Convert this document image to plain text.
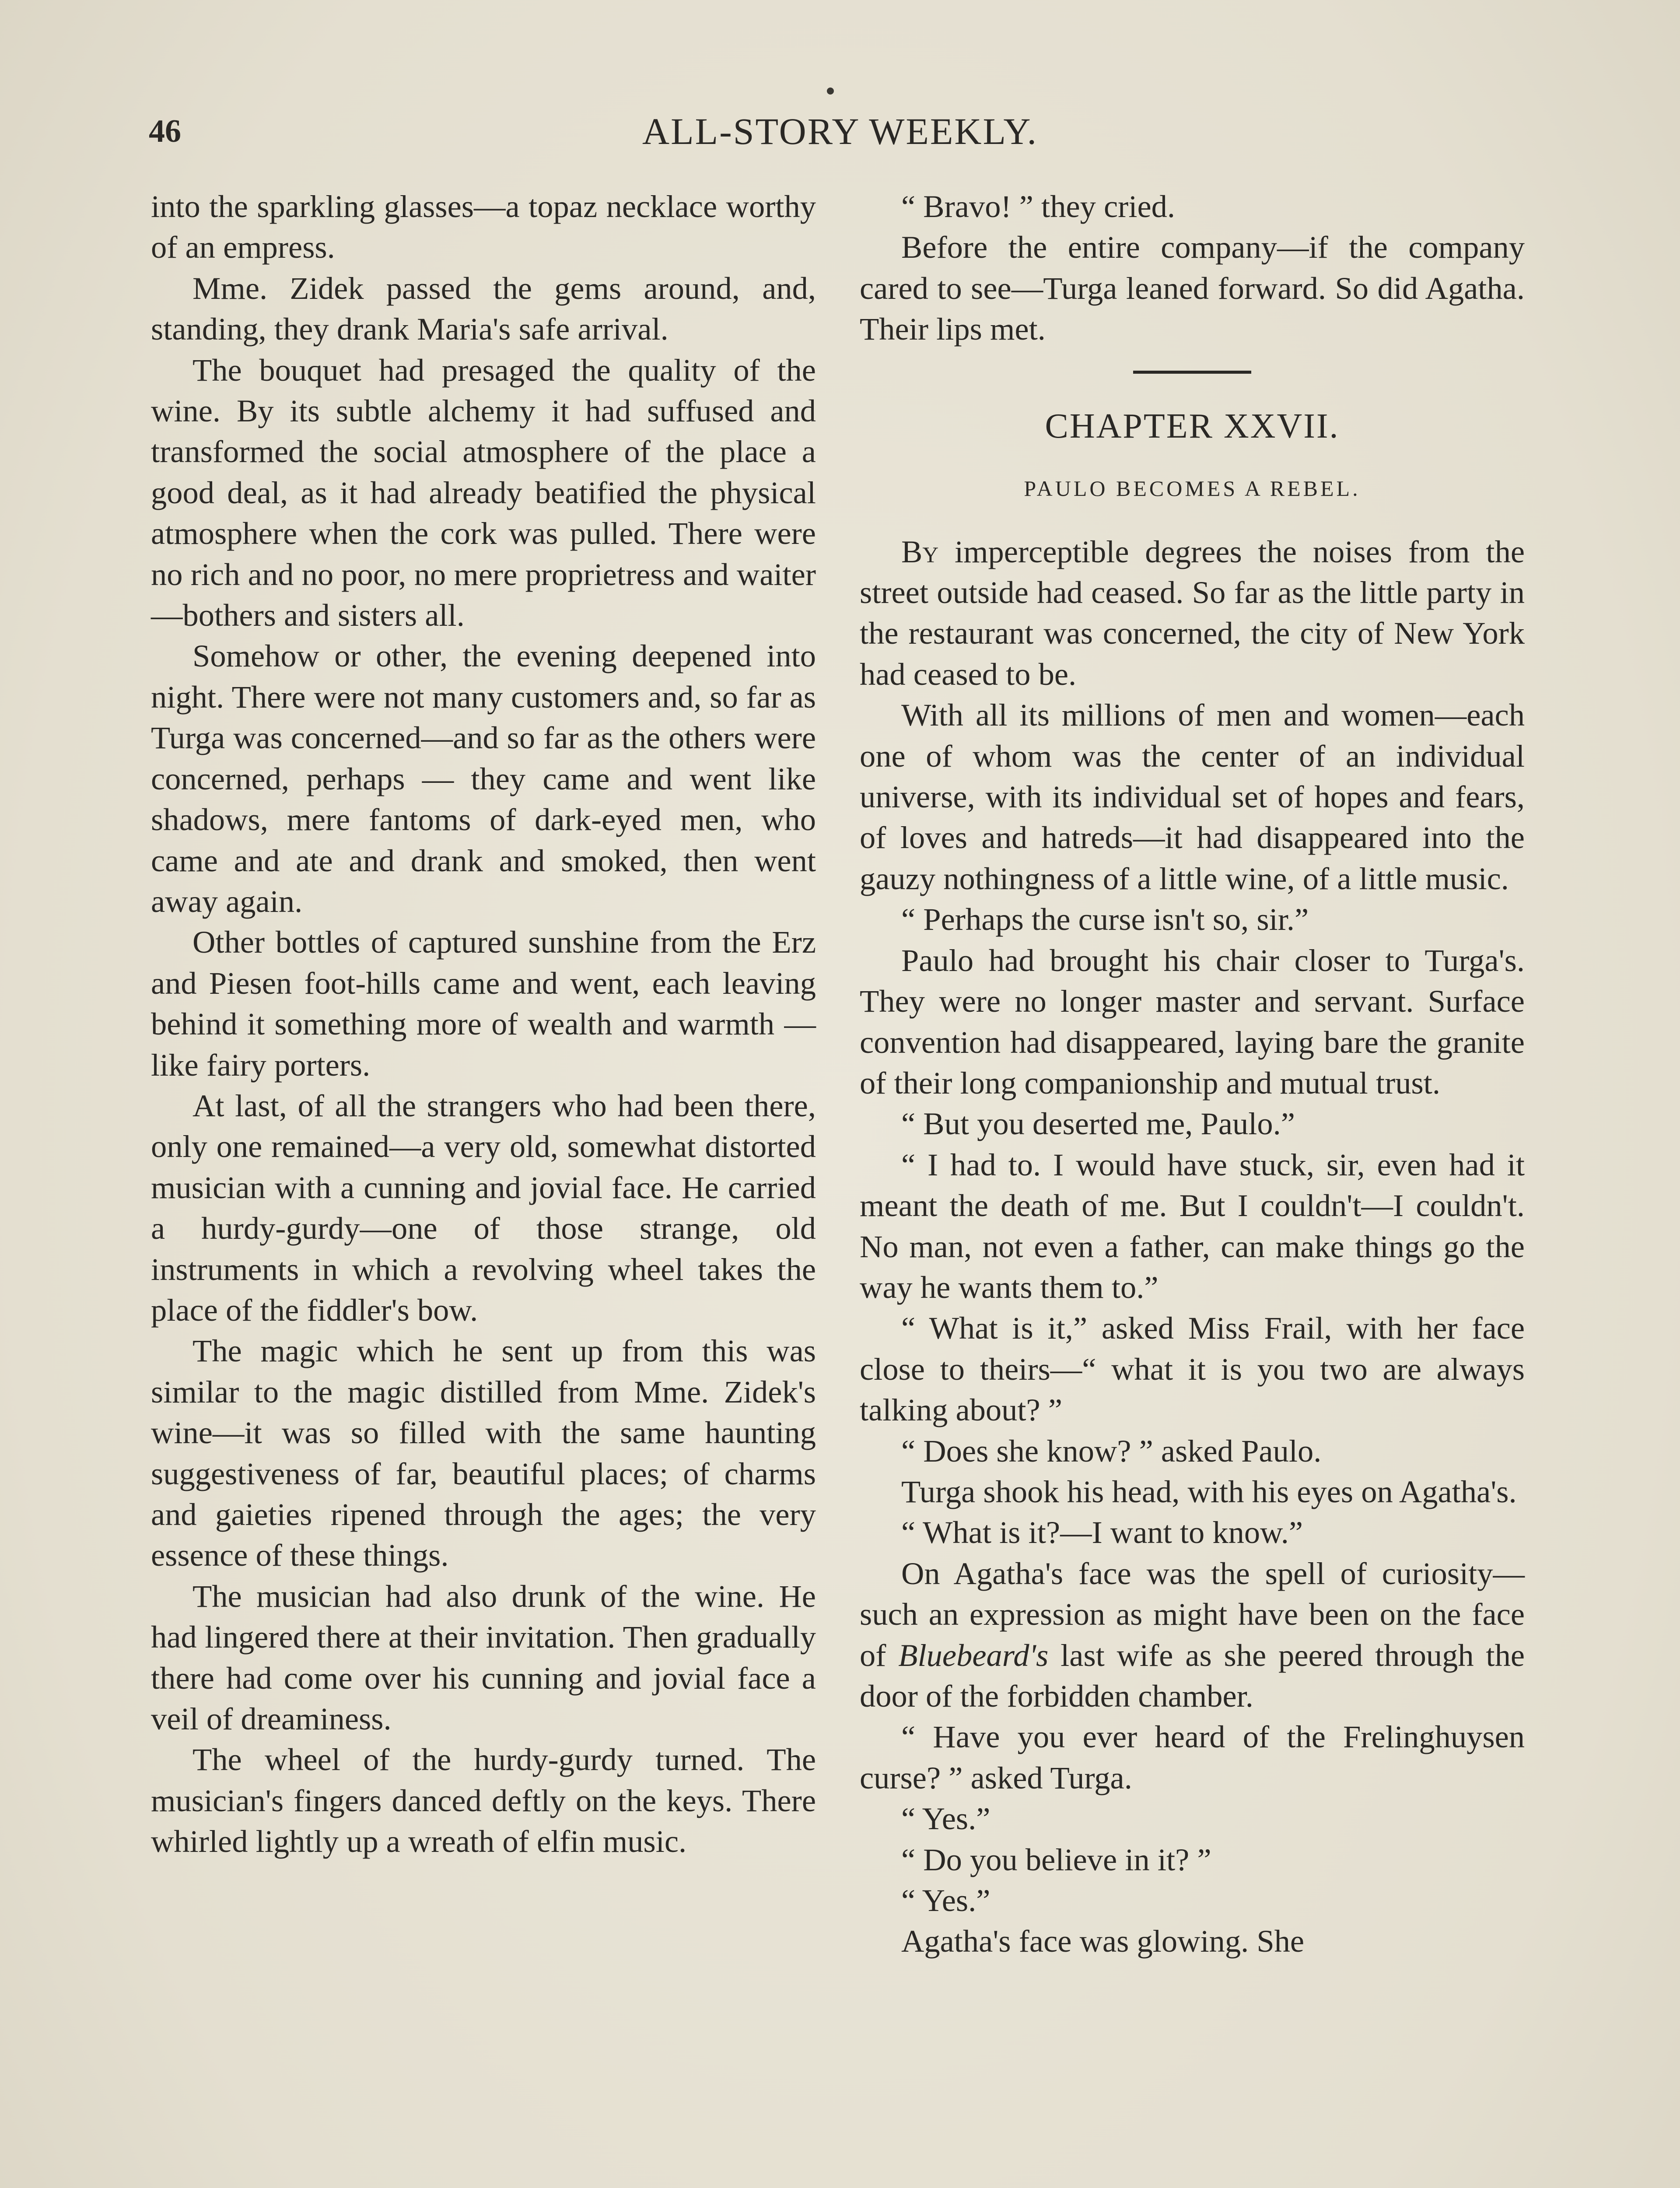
46	ALL-STORY WEEKLY.

into the sparkling glasses—a topaz necklace worthy of an empress.

Mme. Zidek passed the gems around, and, standing, they drank Maria's safe arrival.

The bouquet had presaged the quality of the wine. By its subtle alchemy it had suffused and transformed the social atmosphere of the place a good deal, as it had already beatified the physical atmosphere when the cork was pulled. There were no rich and no poor, no mere proprietress and waiter —bothers and sisters all.

Somehow or other, the evening deepened into night. There were not many customers and, so far as Turga was concerned—and so far as the others were concerned, perhaps — they came and went like shadows, mere fantoms of dark-eyed men, who came and ate and drank and smoked, then went away again.

Other bottles of captured sunshine from the Erz and Piesen foot-hills came and went, each leaving behind it something more of wealth and warmth —like fairy porters.

At last, of all the strangers who had been there, only one remained—a very old, somewhat distorted musician with a cunning and jovial face. He carried a hurdy-gurdy—one of those strange, old instruments in which a revolving wheel takes the place of the fiddler's bow.

The magic which he sent up from this was similar to the magic distilled from Mme. Zidek's wine—it was so filled with the same haunting suggestiveness of far, beautiful places; of charms and gaieties ripened through the ages; the very essence of these things.

The musician had also drunk of the wine. He had lingered there at their invitation. Then gradually there had come over his cunning and jovial face a veil of dreaminess.

The wheel of the hurdy-gurdy turned. The musician's fingers danced deftly on the keys. There whirled lightly up a wreath of elfin music.

“ Bravo! ” they cried.

Before the entire company—if the company cared to see—Turga leaned forward. So did Agatha. Their lips met.

CHAPTER XXVII.
PAULO BECOMES A REBEL.

By imperceptible degrees the noises from the street outside had ceased. So far as the little party in the restaurant was concerned, the city of New York had ceased to be.

With all its millions of men and women—each one of whom was the center of an individual universe, with its individual set of hopes and fears, of loves and hatreds—it had disappeared into the gauzy nothingness of a little wine, of a little music.

“ Perhaps the curse isn't so, sir.”

Paulo had brought his chair closer to Turga's. They were no longer master and servant. Surface convention had disappeared, laying bare the granite of their long companionship and mutual trust.

“ But you deserted me, Paulo.”

“ I had to. I would have stuck, sir, even had it meant the death of me. But I couldn't—I couldn't. No man, not even a father, can make things go the way he wants them to.”

“ What is it,” asked Miss Frail, with her face close to theirs—“ what it is you two are always talking about? ”

“ Does she know? ” asked Paulo.

Turga shook his head, with his eyes on Agatha's.

“ What is it?—I want to know.”

On Agatha's face was the spell of curiosity—such an expression as might have been on the face of Bluebeard's last wife as she peered through the door of the forbidden chamber.

“ Have you ever heard of the Frelinghuysen curse? ” asked Turga.

“ Yes.”

“ Do you believe in it? ”

“ Yes.”

Agatha's face was glowing. She
